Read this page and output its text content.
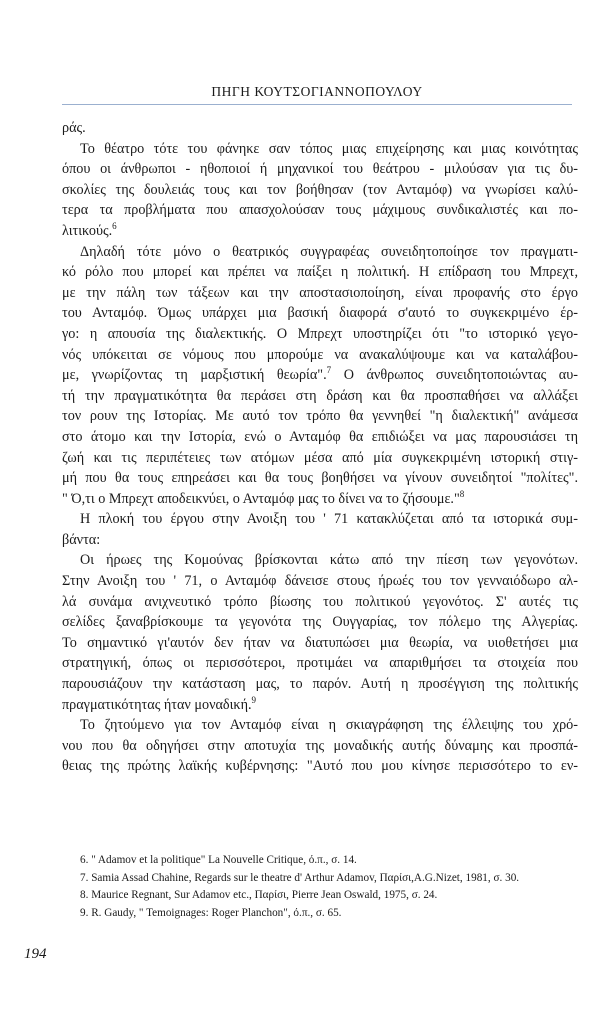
ΠΗΓΗ ΚΟΥΤΣΟΓΙΑΝΝΟΠΟΥΛΟΥ
ράς.
Το θέατρο τότε του φάνηκε σαν τόπος μιας επιχείρησης και μιας κοινότητας
όπου οι άνθρωποι - ηθοποιοί ή μηχανικοί του θεάτρου - μιλούσαν για τις δυ-
σκολίες της δουλειάς τους και τον βοήθησαν (τον Ανταμόφ) να γνωρίσει καλύ-
τερα τα προβλήματα που απασχολούσαν τους μάχιμους συνδικαλιστές και πο-
λιτικούς.$^6$
Δηλαδή τότε μόνο ο θεατρικός συγγραφέας συνειδητοποίησε τον πραγματι-
κό ρόλο που μπορεί και πρέπει να παίξει η πολιτική. Η επίδραση του Μπρεχτ,
με την πάλη των τάξεων και την αποστασιοποίηση, είναι προφανής στο έργο
του Ανταμόφ. Όμως υπάρχει μια βασική διαφορά σ'αυτό το συγκεκριμένο έρ-
γο: η απουσία της διαλεκτικής. Ο Μπρεχτ υποστηρίζει ότι "το ιστορικό γεγο-
νός υπόκειται σε νόμους που μπορούμε να ανακαλύψουμε και να καταλάβου-
με, γνωρίζοντας τη μαρξιστική θεωρία".$^7$ Ο άνθρωπος συνειδητοποιώντας αυ-
τή την πραγματικότητα θα περάσει στη δράση και θα προσπαθήσει να αλλάξει
τον ρουν της Ιστορίας. Με αυτό τον τρόπο θα γεννηθεί "η διαλεκτική" ανάμεσα
στο άτομο και την Ιστορία, ενώ ο Ανταμόφ θα επιδιώξει να μας παρουσιάσει τη
ζωή και τις περιπέτειες των ατόμων μέσα από μία συγκεκριμένη ιστορική στιγ-
μή που θα τους επηρεάσει και θα τους βοηθήσει να γίνουν συνειδητοί "πολίτες".
" Ό,τι ο Μπρεχτ αποδεικνύει, ο Ανταμόφ μας το δίνει να το ζήσουμε."$^8$
Η πλοκή του έργου στην Ανοιξη του ' 71 κατακλύζεται από τα ιστορικά συμ-
βάντα:
Οι ήρωες της Κομούνας βρίσκονται κάτω από την πίεση των γεγονότων.
Στην Ανοιξη του ' 71, ο Ανταμόφ δάνεισε στους ήρωές του τον γενναιόδωρο αλ-
λά συνάμα ανιχνευτικό τρόπο βίωσης του πολιτικού γεγονότος. Σ' αυτές τις
σελίδες ξαναβρίσκουμε τα γεγονότα της Ουγγαρίας, τον πόλεμο της Αλγερίας.
Το σημαντικό γι'αυτόν δεν ήταν να διατυπώσει μια θεωρία, να υιοθετήσει μια
στρατηγική, όπως οι περισσότεροι, προτιμάει να απαριθμήσει τα στοιχεία που
παρουσιάζουν την κατάσταση μας, το παρόν. Αυτή η προσέγγιση της πολιτικής
πραγματικότητας ήταν μοναδική.$^9$
Το ζητούμενο για τον Ανταμόφ είναι η σκιαγράφηση της έλλειψης του χρό-
νου που θα οδηγήσει στην αποτυχία της μοναδικής αυτής δύναμης και προσπά-
θειας της πρώτης λαϊκής κυβέρνησης: "Αυτό που μου κίνησε περισσότερο το εν-
6. " Adamov et la politique" La Nouvelle Critique, ό.π., σ. 14.
7. Samia Assad Chahine, Regards sur le theatre d' Arthur Adamov, Παρίσι,A.G.Nizet, 1981, σ. 30.
8. Maurice Regnant, Sur Adamov etc., Παρίσι, Pierre Jean Oswald, 1975, σ. 24.
9. R. Gaudy, " Temoignages: Roger Planchon", ό.π., σ. 65.
194
